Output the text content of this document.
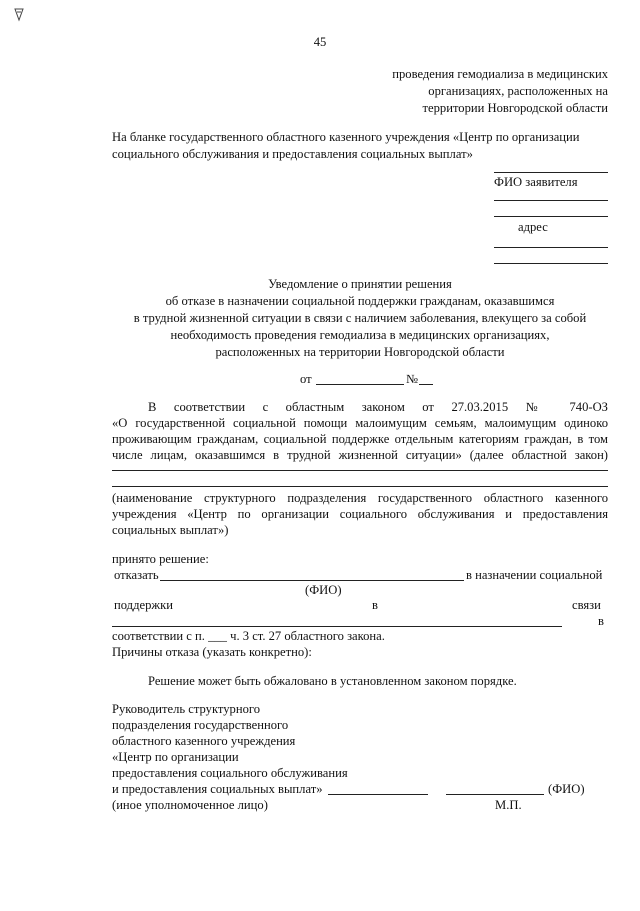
45
проведения гемодиализа в медицинских
организациях, расположенных на
территории Новгородской области
На бланке государственного областного казенного учреждения «Центр по организации
социального обслуживания и предоставления социальных выплат»
ФИО заявителя
адрес
Уведомление о принятии решения
об отказе в назначении социальной поддержки гражданам, оказавшимся
в трудной жизненной ситуации в связи с наличием заболевания, влекущего за собой
необходимость проведения гемодиализа в медицинских организациях,
расположенных на территории Новгородской области
от	№
В соответствии с областным законом от 27.03.2015 № 740-ОЗ
«О государственной социальной помощи малоимущим семьям, малоимущим одиноко
проживающим гражданам, социальной поддержке отдельным категориям граждан, в том
числе лицам, оказавшимся в трудной жизненной ситуации» (далее областной закон)
(наименование структурного подразделения государственного областного казенного
учреждения «Центр по организации социального обслуживания и предоставления
социальных выплат»)
принято решение:
отказать	в назначении социальной
(ФИО)
поддержки	в	связи
в
соответствии с п. ___ ч. 3 ст. 27 областного закона.
Причины отказа (указать конкретно):
Решение может быть обжаловано в установленном законом порядке.
Руководитель структурного
подразделения государственного
областного казенного учреждения
«Центр по организации
предоставления социального обслуживания
и предоставления социальных выплат»	(ФИО)
(иное уполномоченное лицо)	М.П.
